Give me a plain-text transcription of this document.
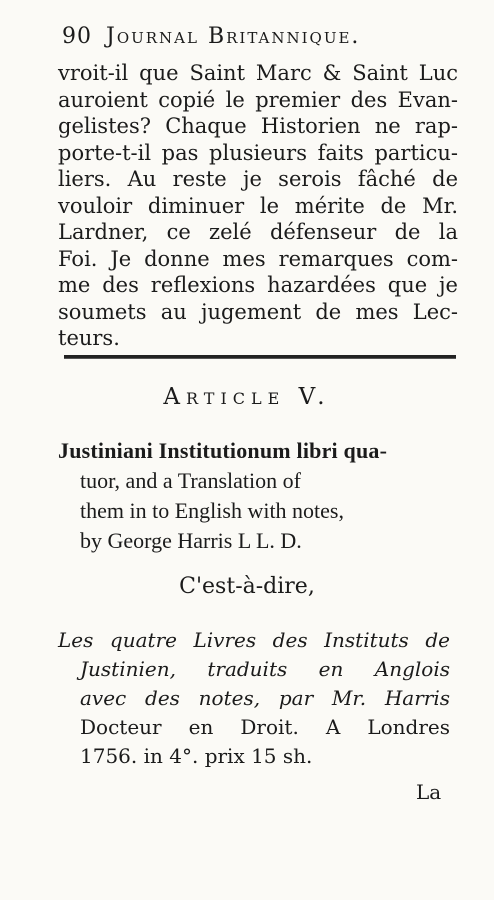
90 Journal Britannique.
vroit-il que Saint Marc & Saint Luc
auroient copié le premier des Evan-
gelistes? Chaque Historien ne rap-
porte-t-il pas plusieurs faits particu-
liers. Au reste je serois fâché de
vouloir diminuer le mérite de Mr.
Lardner, ce zelé défenseur de la
Foi. Je donne mes remarques com-
me des reflexions hazardées que je
soumets au jugement de mes Lec-
teurs.
Article V.
Justiniani Institutionum libri qua-
tuor, and a Translation of
them in to English with notes,
by George Harris L L. D.
C'est-à-dire,
Les quatre Livres des Instituts de
Justinien, traduits en Anglois
avec des notes, par Mr. Harris
Docteur en Droit. A Londres
1756. in 4°. prix 15 sh.
La
